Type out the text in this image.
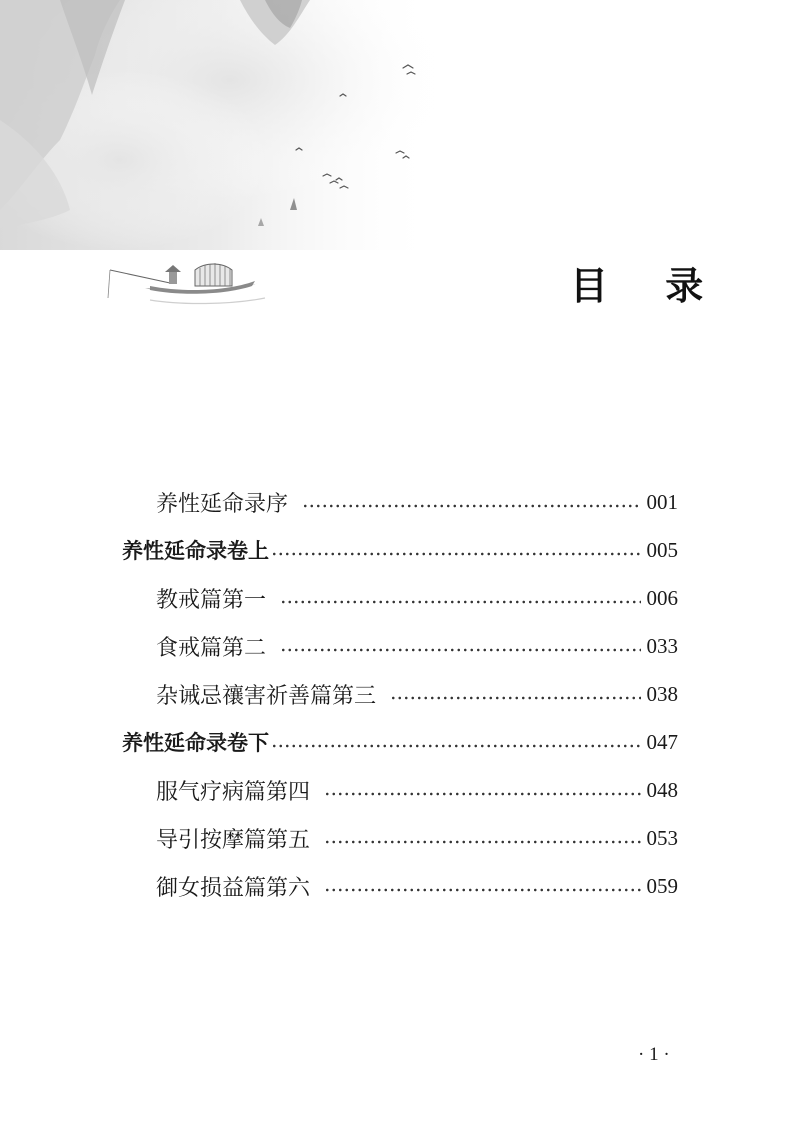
目 录
养性延命录序	001
养性延命录卷上	005
教戒篇第一	006
食戒篇第二	033
杂诫忌禳害祈善篇第三	038
养性延命录卷下	047
服气疗病篇第四	048
导引按摩篇第五	053
御女损益篇第六	059
· 1 ·
